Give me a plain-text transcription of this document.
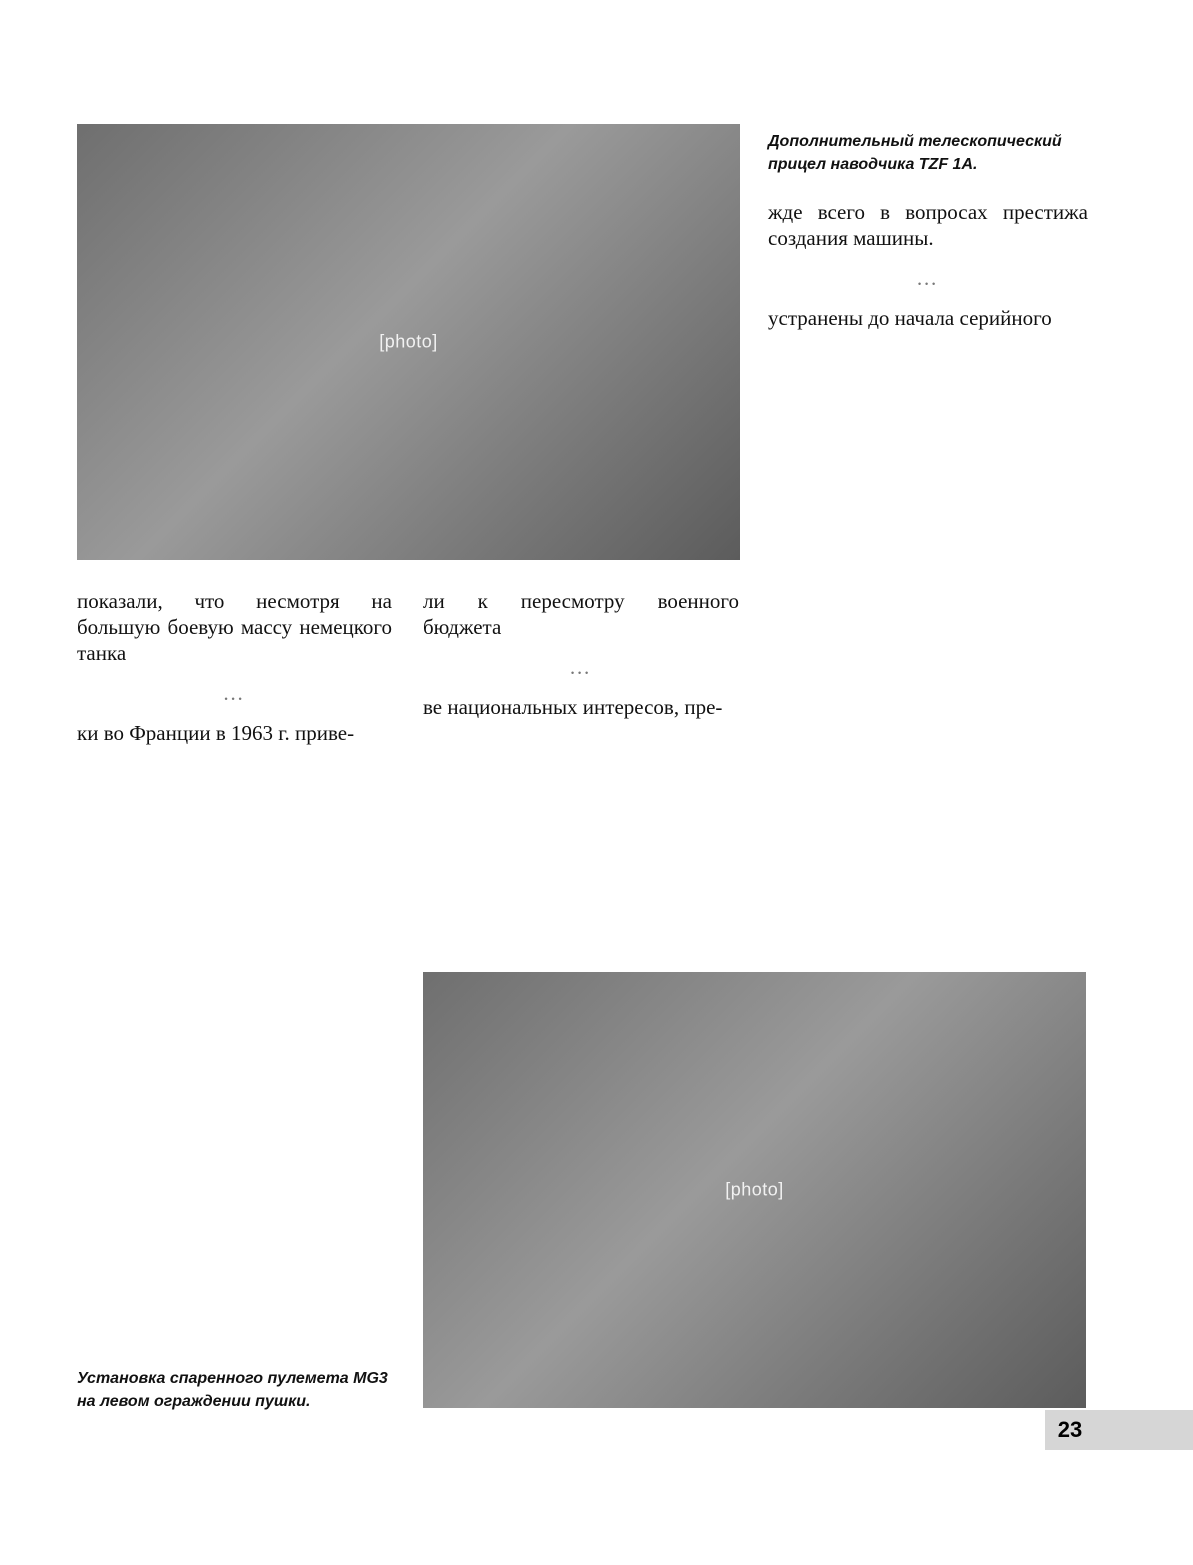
[photo]
Дополнительный телескопический прицел наводчика TZF 1A.

жде всего в вопросах престижа создания машины.

…

устранены до начала серийного

показали, что несмотря на большую боевую массу немецкого танка

…

ки во Франции в 1963 г. приве-

ли к пересмотру военного бюджета

…

ве национальных интересов, пре-

[photo]
Установка спаренного пулемета MG3 на левом ограждении пушки.
23
